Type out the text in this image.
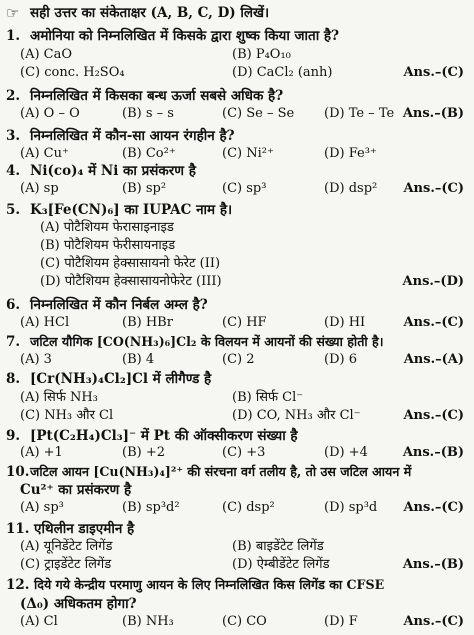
☞ सही उत्तर का संकेताक्षर (A, B, C, D) लिखें।
1. अमोनिया को निम्नलिखित में किसके द्वारा शुष्क किया जाता है?
(A) CaO	(B) P₄O₁₀
(C) conc. H₂SO₄	(D) CaCl₂ (anh)	Ans.–(C)
2. निम्नलिखित में किसका बन्ध ऊर्जा सबसे अधिक है?
(A) O – O	(B) s – s	(C) Se – Se (D) Te – Te Ans.–(B)
3. निम्नलिखित में कौन-सा आयन रंगहीन है?
(A) Cu⁺	(B) Co²⁺	(C) Ni²⁺	(D) Fe³⁺
4. Ni(co)₄ में Ni का प्रसंकरण है
(A) sp	(B) sp²	(C) sp³	(D) dsp² Ans.–(C)
5. K₃[Fe(CN)₆] का IUPAC नाम है।
(A) पोटैशियम फेरासाइनाइड
(B) पोटैशियम फेरीसायनाइड
(C) पोटैशियम हेक्सासायनो फेरेट (II)
(D) पोटैशियम हेक्सासायनोफेरेट (III)	Ans.–(D)
6. निम्नलिखित में कौन निर्बल अम्ल है?
(A) HCl	(B) HBr	(C) HF	(D) HI	Ans.–(C)
7. जटिल यौगिक [CO(NH₃)₆]Cl₂ के विलयन में आयनों की संख्या होती है।
(A) 3	(B) 4	(C) 2	(D) 6	Ans.–(A)
8. [Cr(NH₃)₄Cl₂]Cl में लीगैण्ड है
(A) सिर्फ NH₃	(B) सिर्फ Cl⁻
(C) NH₃ और Cl	(D) CO, NH₃ और Cl⁻	Ans.–(C)
9. [Pt(C₂H₄)Cl₃]⁻ में Pt की ऑक्सीकरण संख्या है
(A) +1	(B) +2	(C) +3	(D) +4	Ans.–(B)
10. जटिल आयन [Cu(NH₃)₄]²⁺ की संरचना वर्ग तलीय है, तो उस जटिल आयन में
Cu²⁺ का प्रसंकरण है
(A) sp³	(B) sp³d²	(C) dsp²	(D) sp³d Ans.–(C)
11. एथिलीन डाइएमीन है
(A) यूनिडेंटेट लिगेंड	(B) बाइडेंटेट लिगेंड
(C) ट्राइडेंटेट लिगेंड	(D) ऐम्बीडेंटेट लिगेंड	Ans.–(B)
12. दिये गये केन्द्रीय परमाणु आयन के लिए निम्नलिखित किस लिगेंड का CFSE
(Δ₀) अधिकतम होगा?
(A) Cl	(B) NH₃	(C) CO	(D) F	Ans.–(C)
